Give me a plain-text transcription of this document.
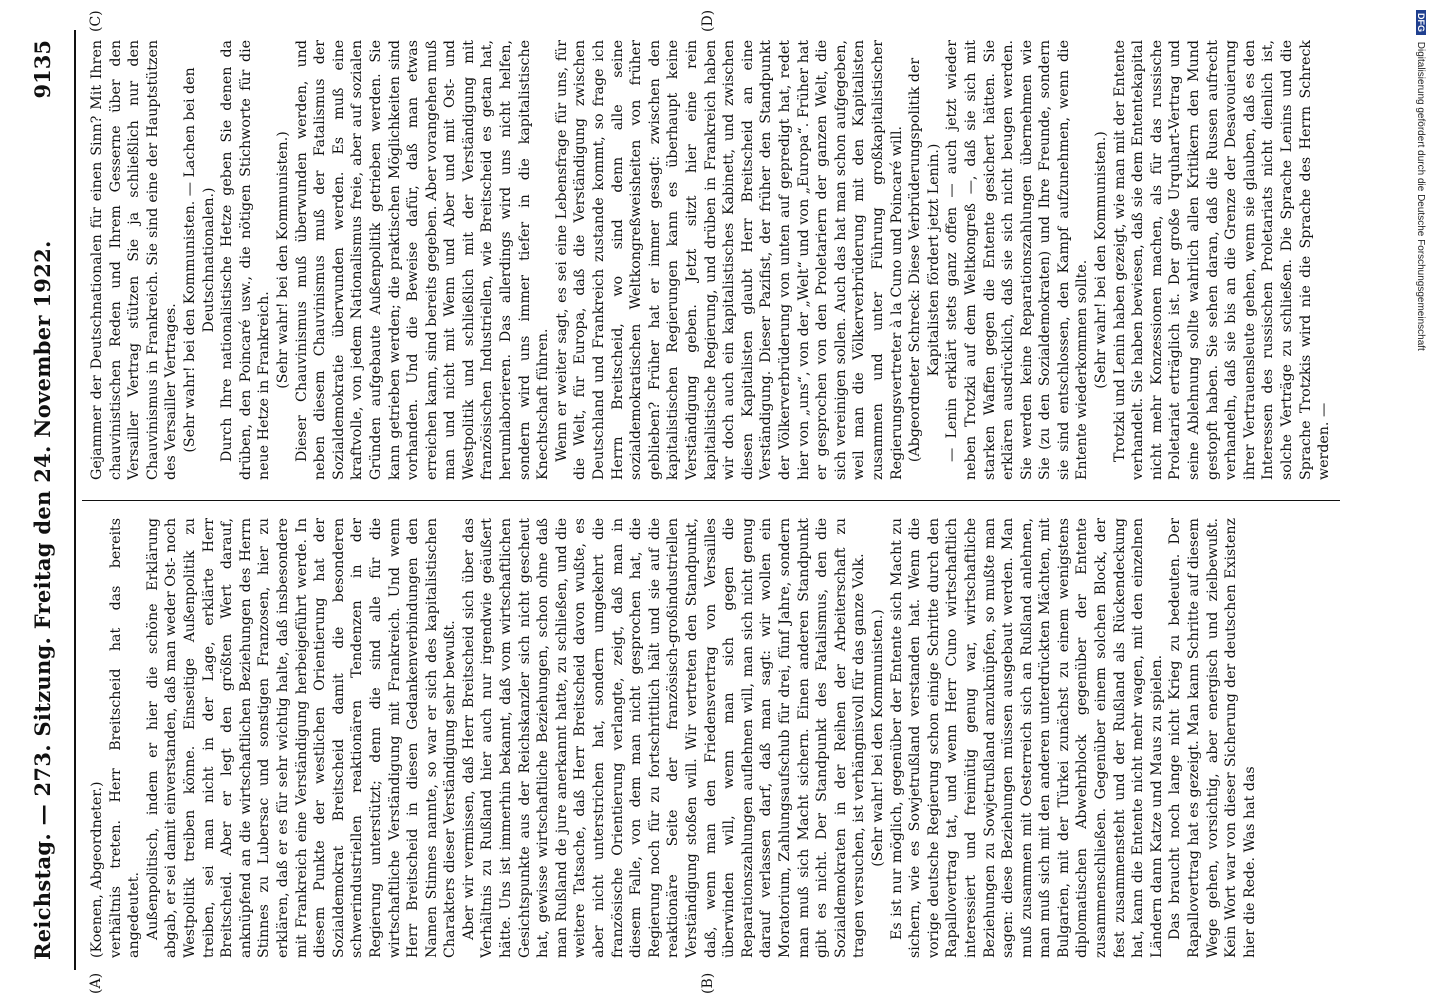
Reichstag. — 273. Sitzung. Freitag den 24. November 1922.
9135
(A)	(B)
(C)	(D)

(Koenen, Abgeordneter.) verhältnis treten. Herr Breitscheid hat das bereits angedeutet. Außenpolitisch, indem er hier die schöne Erklärung abgab, er sei damit einverstanden, daß man weder Ost- noch Westpolitik treiben könne. Einseitige Außenpolitik zu treiben, sei man nicht in der Lage, erklärte Herr Breitscheid. Aber er legt den größten Wert darauf, anknüpfend an die wirtschaftlichen Beziehungen des Herrn Stinnes zu Lubersac und sonstigen Franzosen, hier zu erklären, daß er es für sehr wichtig halte, daß insbesondere mit Frankreich eine Verständigung herbeigeführt werde. In diesem Punkte der westlichen Orientierung hat der Sozialdemokrat Breitscheid damit die besonderen schwerindustriellen reaktionären Tendenzen in der Regierung unterstützt; denn die sind alle für die wirtschaftliche Verständigung mit Frankreich. Und wenn Herr Breitscheid in diesen Gedankenverbindungen den Namen Stinnes nannte, so war er sich des kapitalistischen Charakters dieser Verständigung sehr bewußt. Aber wir vermissen, daß Herr Breitscheid sich über das Verhältnis zu Rußland hier auch nur irgendwie geäußert hätte. Uns ist immerhin bekannt, daß vom wirtschaftlichen Gesichtspunkte aus der Reichskanzler sich nicht gescheut hat, gewisse wirtschaftliche Beziehungen, schon ohne daß man Rußland de jure anerkannt hatte, zu schließen, und die weitere Tatsache, daß Herr Breitscheid davon wußte, es aber nicht unterstrichen hat, sondern umgekehrt die französische Orientierung verlangte, zeigt, daß man in diesem Falle, von dem man nicht gesprochen hat, die Regierung noch für zu fortschrittlich hält und sie auf die reaktionäre Seite der französisch-großindustriellen Verständigung stoßen will. Wir vertreten den Standpunkt, daß, wenn man den Friedensvertrag von Versailles überwinden will, wenn man sich gegen die Reparationszahlungen auflehnen will, man sich nicht genug darauf verlassen darf, daß man sagt: wir wollen ein Moratorium, Zahlungsaufschub für drei, fünf Jahre, sondern man muß sich Macht sichern. Einen anderen Standpunkt gibt es nicht. Der Standpunkt des Fatalismus, den die Sozialdemokraten in der Reihen der Arbeiterschaft zu tragen versuchen, ist verhängnisvoll für das ganze Volk. (Sehr wahr! bei den Kommunisten.) Es ist nur möglich, gegenüber der Entente sich Macht zu sichern, wie es Sowjetrußland verstanden hat. Wenn die vorige deutsche Regierung schon einige Schritte durch den Rapallovertrag tat, und wenn Herr Cuno wirtschaftlich interessiert und freimütig genug war, wirtschaftliche Beziehungen zu Sowjetrußland anzuknüpfen, so mußte man sagen: diese Beziehungen müssen ausgebaut werden. Man muß zusammen mit Oesterreich sich an Rußland anlehnen, man muß sich mit den anderen unterdrückten Mächten, mit Bulgarien, mit der Türkei zunächst zu einem wenigstens diplomatischen Abwehrblock gegenüber der Entente zusammenschließen. Gegenüber einem solchen Block, der fest zusammensteht und der Rußland als Rückendeckung hat, kann die Entente nicht mehr wagen, mit den einzelnen Ländern dann Katze und Maus zu spielen. Das braucht noch lange nicht Krieg zu bedeuten. Der Rapallovertrag hat es gezeigt. Man kann Schritte auf diesem Wege gehen, vorsichtig, aber energisch und zielbewußt. Kein Wort war von dieser Sicherung der deutschen Existenz hier die Rede. Was hat das

Gejammer der Deutschnationalen für einen Sinn? Mit Ihren chauvinistischen Reden und Ihrem Gesserne über den Versailler Vertrag stützen Sie ja schließlich nur den Chauvinismus in Frankreich. Sie sind eine der Hauptstützen des Versailler Vertrages. (Sehr wahr! bei den Kommunisten. — Lachen bei den Deutschnationalen.) Durch Ihre nationalistische Hetze geben Sie denen da drüben, den Poincaré usw., die nötigen Stichworte für die neue Hetze in Frankreich. (Sehr wahr! bei den Kommunisten.) Dieser Chauvinismus muß überwunden werden, und neben diesem Chauvinismus muß der Fatalismus der Sozialdemokratie überwunden werden. Es muß eine kraftvolle, von jedem Nationalismus freie, aber auf sozialen Gründen aufgebaute Außenpolitik getrieben werden. Sie kann getrieben werden; die praktischen Möglichkeiten sind vorhanden. Und die Beweise dafür, daß man etwas erreichen kann, sind bereits gegeben. Aber vorangehen muß man und nicht mit Wenn und Aber und mit Ost- und Westpolitik und schließlich mit der Verständigung mit französischen Industriellen, wie Breitscheid es getan hat, herumlaborieren. Das allerdings wird uns nicht helfen, sondern wird uns immer tiefer in die kapitalistische Knechtschaft führen. Wenn er weiter sagt, es sei eine Lebensfrage für uns, für die Welt, für Europa, daß die Verständigung zwischen Deutschland und Frankreich zustande kommt, so frage ich Herrn Breitscheid, wo sind denn alle seine sozialdemokratischen Weltkongreßweisheiten von früher geblieben? Früher hat er immer gesagt: zwischen den kapitalistischen Regierungen kann es überhaupt keine Verständigung geben. Jetzt sitzt hier eine rein kapitalistische Regierung, und drüben in Frankreich haben wir doch auch ein kapitalistisches Kabinett, und zwischen diesen Kapitalisten glaubt Herr Breitscheid an eine Verständigung. Dieser Pazifist, der früher den Standpunkt der Völkerverbrüderung von unten auf gepredigt hat, redet hier von „uns“, von der „Welt“ und von „Europa“. Früher hat er gesprochen von den Proletariern der ganzen Welt, die sich vereinigen sollen. Auch das hat man schon aufgegeben, weil man die Völkerverbrüderung mit den Kapitalisten zusammen und unter Führung großkapitalistischer Regierungsvertreter à la Cuno und Poincaré will. (Abgeordneter Schreck: Diese Verbrüderungspolitik der Kapitalisten fördert jetzt Lenin.) — Lenin erklärt stets ganz offen — auch jetzt wieder neben Trotzki auf dem Weltkongreß —, daß sie sich mit starken Waffen gegen die Entente gesichert hätten. Sie erklären ausdrücklich, daß sie sich nicht beugen werden. Sie werden keine Reparationszahlungen übernehmen wie Sie (zu den Sozialdemokraten) und Ihre Freunde, sondern sie sind entschlossen, den Kampf aufzunehmen, wenn die Entente wiederkommen sollte. (Sehr wahr! bei den Kommunisten.) Trotzki und Lenin haben gezeigt, wie man mit der Entente verhandelt. Sie haben bewiesen, daß sie dem Ententekapital nicht mehr Konzessionen machen, als für das russische Proletariat erträglich ist. Der große Urquhart-Vertrag und seine Ablehnung sollte wahrlich allen Kritikern den Mund gestopft haben. Sie sehen daran, daß die Russen aufrecht verhandeln, daß sie bis an die Grenze der Desavouierung ihrer Vertrauensleute gehen, wenn sie glauben, daß es den Interessen des russischen Proletariats nicht dienlich ist, solche Verträge zu schließen. Die Sprache Lenins und die Sprache Trotzkis wird nie die Sprache des Herrn Schreck werden. —

DFG Digitalisierung gefördert durch die Deutsche Forschungsgemeinschaft
